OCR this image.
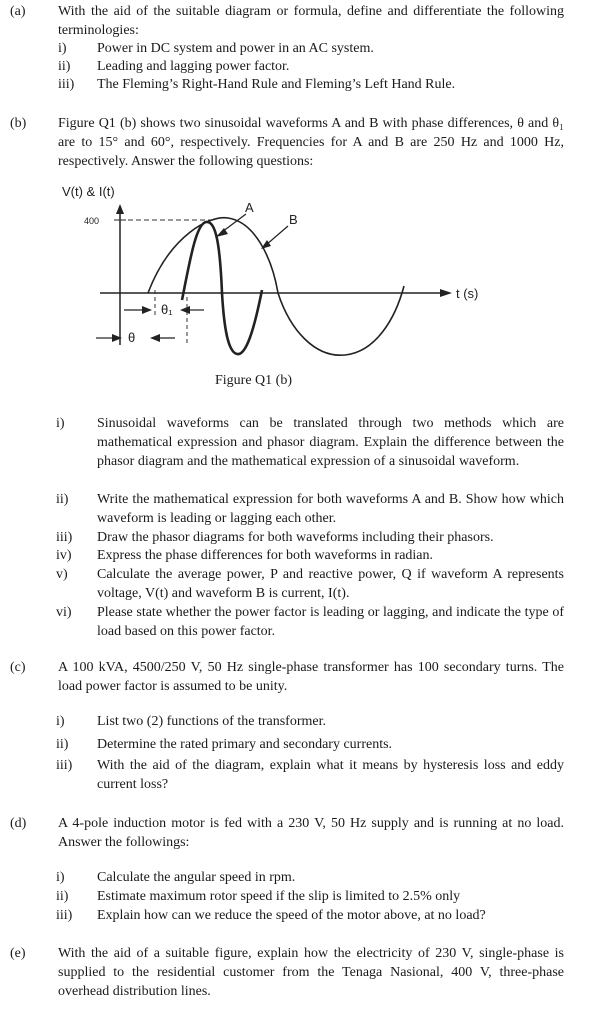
(a) With the aid of the suitable diagram or formula, define and differentiate the following terminologies:
i)	Power in DC system and power in an AC system.
ii)	Leading and lagging power factor.
iii)	The Fleming’s Right-Hand Rule and Fleming’s Left Hand Rule.
(b) Figure Q1 (b) shows two sinusoidal waveforms A and B with phase differences, θ and θ₁ are to 15° and 60°, respectively. Frequencies for A and B are 250 Hz and 1000 Hz, respectively. Answer the following questions:
V(t) & I(t)
400
t (s)
A
B
θ₁
θ
Figure Q1 (b)
i)	Sinusoidal waveforms can be translated through two methods which are mathematical expression and phasor diagram. Explain the difference between the phasor diagram and the mathematical expression of a sinusoidal waveform.
ii)	Write the mathematical expression for both waveforms A and B. Show how which waveform is leading or lagging each other.
iii)	Draw the phasor diagrams for both waveforms including their phasors.
iv)	Express the phase differences for both waveforms in radian.
v)	Calculate the average power, P and reactive power, Q if waveform A represents voltage, V(t) and waveform B is current, I(t).
vi)	Please state whether the power factor is leading or lagging, and indicate the type of load based on this power factor.
(c) A 100 kVA, 4500/250 V, 50 Hz single-phase transformer has 100 secondary turns. The load power factor is assumed to be unity.
i)	List two (2) functions of the transformer.
ii)	Determine the rated primary and secondary currents.
iii)	With the aid of the diagram, explain what it means by hysteresis loss and eddy current loss?
(d) A 4-pole induction motor is fed with a 230 V, 50 Hz supply and is running at no load. Answer the followings:
i)	Calculate the angular speed in rpm.
ii)	Estimate maximum rotor speed if the slip is limited to 2.5% only
iii)	Explain how can we reduce the speed of the motor above, at no load?
(e) With the aid of a suitable figure, explain how the electricity of 230 V, single-phase is supplied to the residential customer from the Tenaga Nasional, 400 V, three-phase overhead distribution lines.
